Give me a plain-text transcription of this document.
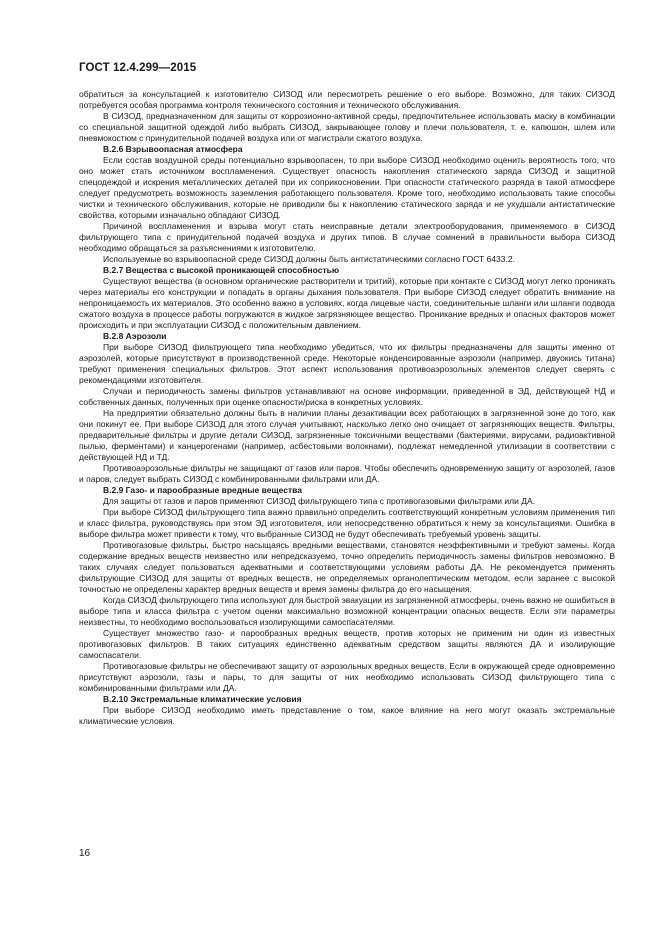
ГОСТ 12.4.299—2015

обратиться за консультацией к изготовителю СИЗОД или пересмотреть решение о его выборе. Возможно, для таких СИЗОД потребуется особая программа контроля технического состояния и технического обслуживания.

В СИЗОД, предназначенном для защиты от коррозионно-активной среды, предпочтительнее использовать маску в комбинации со специальной защитной одеждой либо выбрать СИЗОД, закрывающее голову и плечи пользователя, т. е. капюшон, шлем или пневмокостюм с принудительной подачей воздуха или от магистрали сжатого воздуха.

В.2.6 Взрывоопасная атмосфера

Если состав воздушной среды потенциально взрывоопасен, то при выборе СИЗОД необходимо оценить вероятность того, что оно может стать источником воспламенения. Существует опасность накопления статического заряда СИЗОД и защитной спецодеждой и искрения металлических деталей при их соприкосновении. При опасности статического разряда в такой атмосфере следует предусмотреть возможность заземления работающего пользователя. Кроме того, необходимо использовать такие способы чистки и технического обслуживания, которые не приводили бы к накоплению статического заряда и не ухудшали антистатические свойства, которыми изначально обладают СИЗОД.

Причиной воспламенения и взрыва могут стать неисправные детали электрооборудования, применяемого в СИЗОД фильтрующего типа с принудительной подачей воздуха и других типов. В случае сомнений в правильности выбора СИЗОД необходимо обращаться за разъяснениями к изготовителю.

Используемые во взрывоопасной среде СИЗОД должны быть антистатическими согласно ГОСТ 6433.2.

В.2.7 Вещества с высокой проникающей способностью

Существуют вещества (в основном органические растворители и тритий), которые при контакте с СИЗОД могут легко проникать через материалы его конструкции и попадать в органы дыхания пользователя. При выборе СИЗОД следует обратить внимание на непроницаемость их материалов. Это особенно важно в условиях, когда лицевые части, соединительные шланги или шланги подвода сжатого воздуха в процессе работы погружаются в жидкое загрязняющее вещество. Проникание вредных и опасных факторов может происходить и при эксплуатации СИЗОД с положительным давлением.

В.2.8 Аэрозоли

При выборе СИЗОД фильтрующего типа необходимо убедиться, что их фильтры предназначены для защиты именно от аэрозолей, которые присутствуют в производственной среде. Некоторые конденсированные аэрозоли (например, двуокись титана) требуют применения специальных фильтров. Этот аспект использования противоаэрозольных элементов следует сверять с рекомендациями изготовителя.

Случаи и периодичность замены фильтров устанавливают на основе информации, приведенной в ЭД, действующей НД и собственных данных, полученных при оценке опасности/риска в конкретных условиях.

На предприятии обязательно должны быть в наличии планы дезактивации всех работающих в загрязненной зоне до того, как они покинут ее. При выборе СИЗОД для этого случая учитывают, насколько легко оно очищает от загрязняющих веществ. Фильтры, предварительные фильтры и другие детали СИЗОД, загрязненные токсичными веществами (бактериями, вирусами, радиоактивной пылью, ферментами) и канцерогенами (например, асбестовыми волокнами), подлежат немедленной утилизации в соответствии с действующей НД и ТД.

Противоаэрозольные фильтры не защищают от газов или паров. Чтобы обеспечить одновременную защиту от аэрозолей, газов и паров, следует выбрать СИЗОД с комбинированными фильтрами или ДА.

В.2.9 Газо- и парообразные вредные вещества

Для защиты от газов и паров применяют СИЗОД фильтрующего типа с противогазовыми фильтрами или ДА.

При выборе СИЗОД фильтрующего типа важно правильно определить соответствующий конкретным условиям применения тип и класс фильтра, руководствуясь при этом ЭД изготовителя, или непосредственно обратиться к нему за консультациями. Ошибка в выборе фильтра может привести к тому, что выбранные СИЗОД не будут обеспечивать требуемый уровень защиты.

Противогазовые фильтры, быстро насыщаясь вредными веществами, становятся неэффективными и требуют замены. Когда содержание вредных веществ неизвестно или непредсказуемо, точно определить периодичность замены фильтров невозможно. В таких случаях следует пользоваться адекватными и соответствующими условиям работы ДА. Не рекомендуется применять фильтрующие СИЗОД для защиты от вредных веществ, не определяемых органолептическим методом, если заранее с высокой точностью не определены характер вредных веществ и время замены фильтра до его насыщения.

Когда СИЗОД фильтрующего типа используют для быстрой эвакуации из загрязненной атмосферы, очень важно не ошибиться в выборе типа и класса фильтра с учетом оценки максимально возможной концентрации опасных веществ. Если эти параметры неизвестны, то необходимо воспользоваться изолирующими самоспасателями.

Существует множество газо- и парообразных вредных веществ, против которых не применим ни один из известных противогазовых фильтров. В таких ситуациях единственно адекватным средством защиты являются ДА и изолирующие самоспасатели.

Противогазовые фильтры не обеспечивают защиту от аэрозольных вредных веществ. Если в окружающей среде одновременно присутствуют аэрозоли, газы и пары, то для защиты от них необходимо использовать СИЗОД фильтрующего типа с комбинированными фильтрами или ДА.

В.2.10 Экстремальные климатические условия

При выборе СИЗОД необходимо иметь представление о том, какое влияние на него могут оказать экстремальные климатические условия.

16
